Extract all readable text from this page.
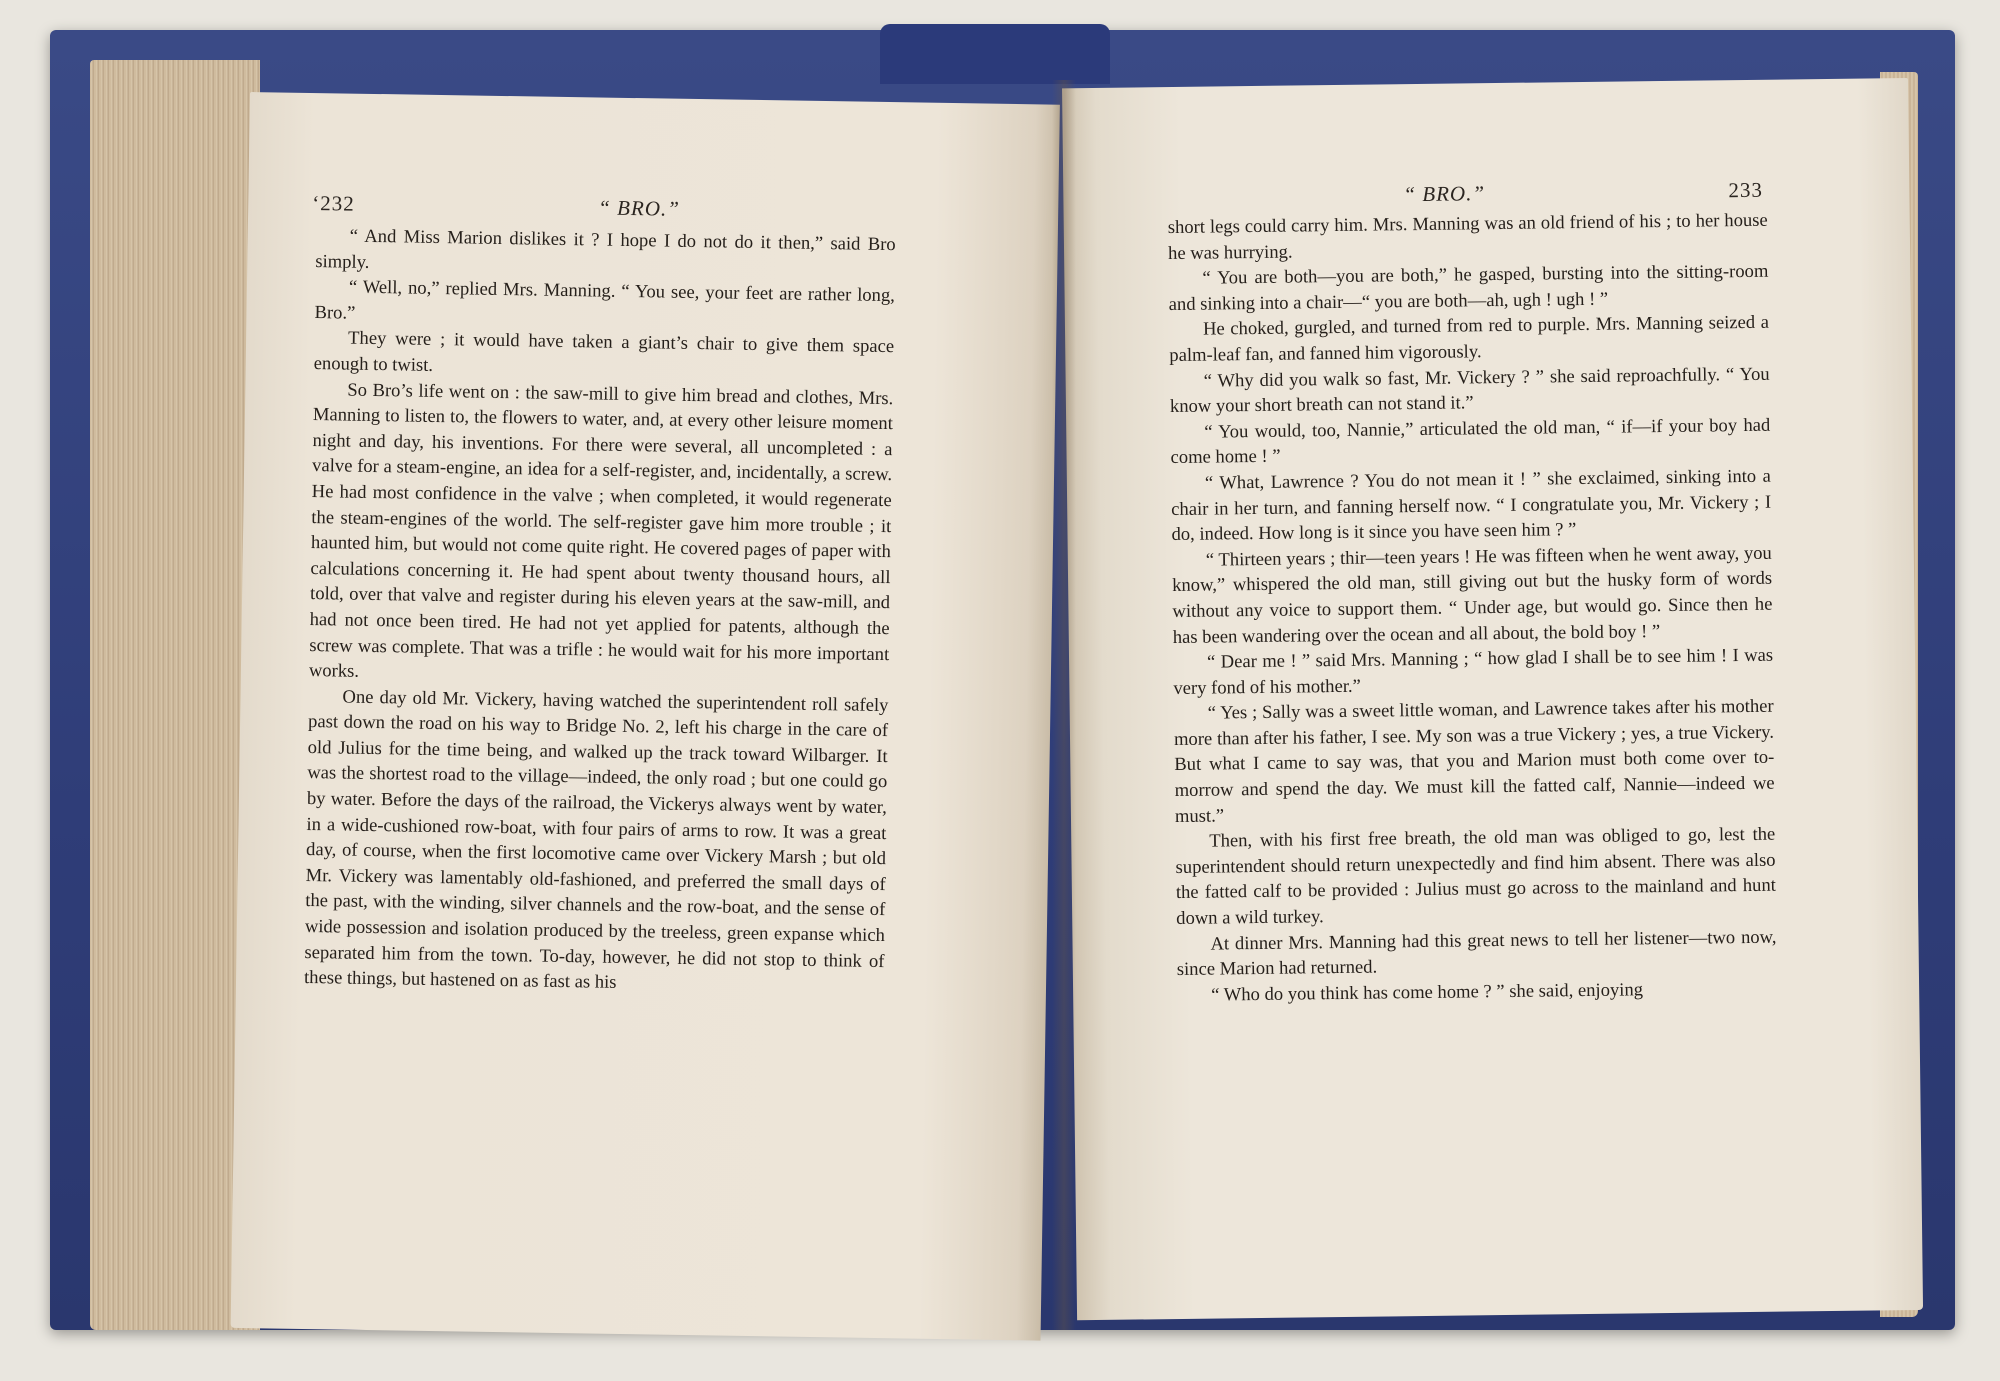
‘232	“ BRO.”

“ And Miss Marion dislikes it ? I hope I do not do it then,” said Bro simply.

“ Well, no,” replied Mrs. Manning. “ You see, your feet are rather long, Bro.”

They were ; it would have taken a giant’s chair to give them space enough to twist.

So Bro’s life went on : the saw-mill to give him bread and clothes, Mrs. Manning to listen to, the flowers to water, and, at every other leisure moment night and day, his inventions. For there were several, all uncompleted : a valve for a steam-engine, an idea for a self-register, and, incidentally, a screw. He had most confidence in the valve ; when completed, it would regenerate the steam-engines of the world. The self-register gave him more trouble ; it haunted him, but would not come quite right. He covered pages of paper with calculations concerning it. He had spent about twenty thousand hours, all told, over that valve and register during his eleven years at the saw-mill, and had not once been tired. He had not yet applied for patents, although the screw was complete. That was a trifle : he would wait for his more important works.

One day old Mr. Vickery, having watched the superintendent roll safely past down the road on his way to Bridge No. 2, left his charge in the care of old Julius for the time being, and walked up the track toward Wilbarger. It was the shortest road to the village—indeed, the only road ; but one could go by water. Before the days of the railroad, the Vickerys always went by water, in a wide-cushioned row-boat, with four pairs of arms to row. It was a great day, of course, when the first locomotive came over Vickery Marsh ; but old Mr. Vickery was lamentably old-fashioned, and preferred the small days of the past, with the winding, silver channels and the row-boat, and the sense of wide possession and isolation produced by the treeless, green expanse which separated him from the town. To-day, however, he did not stop to think of these things, but hastened on as fast as his

“ BRO.”	233

short legs could carry him. Mrs. Manning was an old friend of his ; to her house he was hurrying.

“ You are both—you are both,” he gasped, bursting into the sitting-room and sinking into a chair—“ you are both—ah, ugh ! ugh ! ”

He choked, gurgled, and turned from red to purple. Mrs. Manning seized a palm-leaf fan, and fanned him vigorously.

“ Why did you walk so fast, Mr. Vickery ? ” she said reproachfully. “ You know your short breath can not stand it.”

“ You would, too, Nannie,” articulated the old man, “ if—if your boy had come home ! ”

“ What, Lawrence ? You do not mean it ! ” she exclaimed, sinking into a chair in her turn, and fanning herself now. “ I congratulate you, Mr. Vickery ; I do, indeed. How long is it since you have seen him ? ”

“ Thirteen years ; thir—teen years ! He was fifteen when he went away, you know,” whispered the old man, still giving out but the husky form of words without any voice to support them. “ Under age, but would go. Since then he has been wandering over the ocean and all about, the bold boy ! ”

“ Dear me ! ” said Mrs. Manning ; “ how glad I shall be to see him ! I was very fond of his mother.”

“ Yes ; Sally was a sweet little woman, and Lawrence takes after his mother more than after his father, I see. My son was a true Vickery ; yes, a true Vickery. But what I came to say was, that you and Marion must both come over to-morrow and spend the day. We must kill the fatted calf, Nannie—indeed we must.”

Then, with his first free breath, the old man was obliged to go, lest the superintendent should return unexpectedly and find him absent. There was also the fatted calf to be provided : Julius must go across to the mainland and hunt down a wild turkey.

At dinner Mrs. Manning had this great news to tell her listener—two now, since Marion had returned.

“ Who do you think has come home ? ” she said, enjoying
